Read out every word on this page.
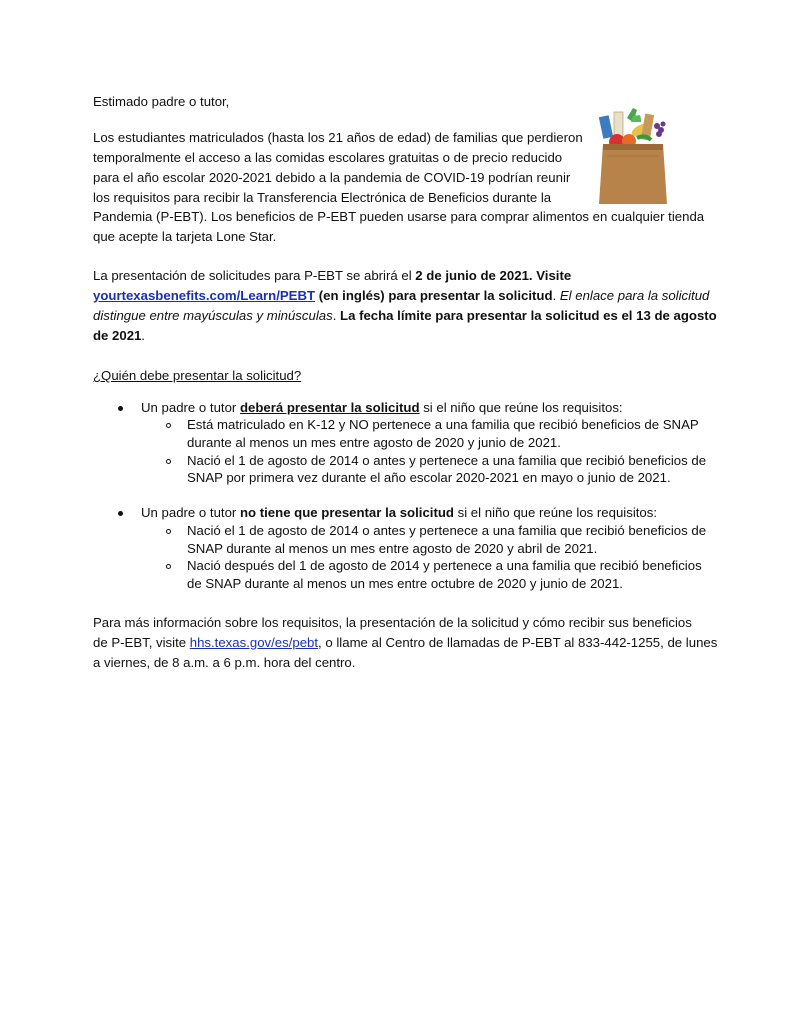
Estimado padre o tutor,
Los estudiantes matriculados (hasta los 21 años de edad) de familias que perdieron
temporalmente el acceso a las comidas escolares gratuitas o de precio reducido
para el año escolar 2020-2021 debido a la pandemia de COVID-19 podrían reunir
los requisitos para recibir la Transferencia Electrónica de Beneficios durante la
Pandemia (P-EBT). Los beneficios de P-EBT pueden usarse para comprar alimentos en cualquier tienda
que acepte la tarjeta Lone Star.
La presentación de solicitudes para P-EBT se abrirá el 2 de junio de 2021. Visite
yourtexasbenefits.com/Learn/PEBT (en inglés) para presentar la solicitud. El enlace para la solicitud
distingue entre mayúsculas y minúsculas. La fecha límite para presentar la solicitud es el 13 de agosto
de 2021.
¿Quién debe presentar la solicitud?
Un padre o tutor deberá presentar la solicitud si el niño que reúne los requisitos:
Está matriculado en K-12 y NO pertenece a una familia que recibió beneficios de SNAP
durante al menos un mes entre agosto de 2020 y junio de 2021.
Nació el 1 de agosto de 2014 o antes y pertenece a una familia que recibió beneficios de
SNAP por primera vez durante el año escolar 2020-2021 en mayo o junio de 2021.
Un padre o tutor no tiene que presentar la solicitud si el niño que reúne los requisitos:
Nació el 1 de agosto de 2014 o antes y pertenece a una familia que recibió beneficios de
SNAP durante al menos un mes entre agosto de 2020 y abril de 2021.
Nació después del 1 de agosto de 2014 y pertenece a una familia que recibió beneficios
de SNAP durante al menos un mes entre octubre de 2020 y junio de 2021.
Para más información sobre los requisitos, la presentación de la solicitud y cómo recibir sus beneficios
de P-EBT, visite hhs.texas.gov/es/pebt, o llame al Centro de llamadas de P-EBT al 833-442-1255, de lunes
a viernes, de 8 a.m. a 6 p.m. hora del centro.
